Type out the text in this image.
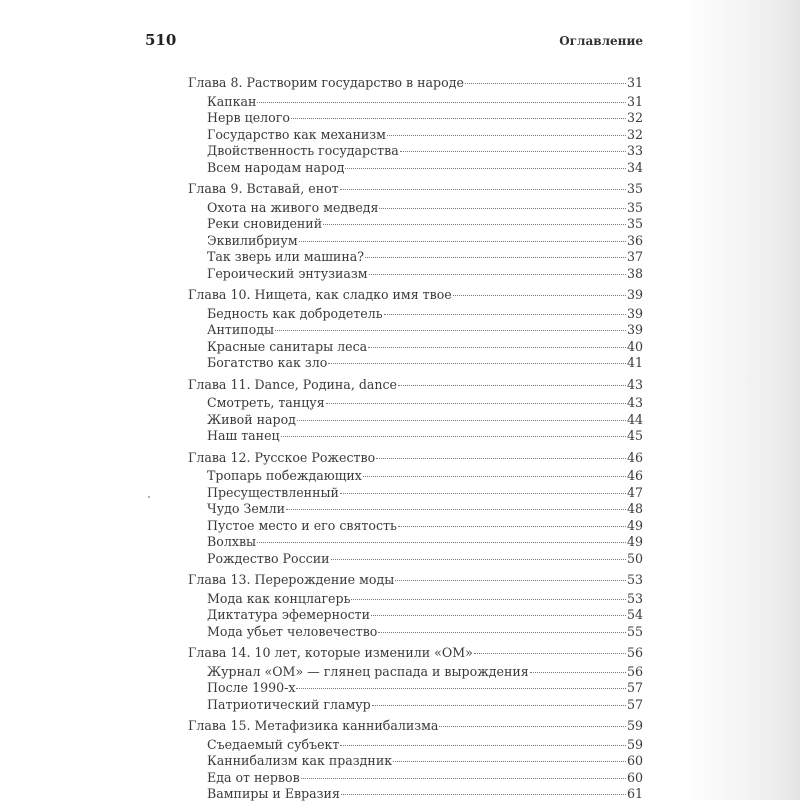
510	Оглавление
Глава 8. Растворим государство в народе	31
Капкан	31
Нерв целого	32
Государство как механизм	32
Двойственность государства	33
Всем народам народ	34
Глава 9. Вставай, енот	35
Охота на живого медведя	35
Реки сновидений	35
Эквилибриум	36
Так зверь или машина?	37
Героический энтузиазм	38
Глава 10. Нищета, как сладко имя твое	39
Бедность как добродетель	39
Антиподы	39
Красные санитары леса	40
Богатство как зло	41
Глава 11. Dance, Родина, dance	43
Смотреть, танцуя	43
Живой народ	44
Наш танец	45
Глава 12. Русское Рожество	46
Тропарь побеждающих	46
Пресуществленный	47
Чудо Земли	48
Пустое место и его святость	49
Волхвы	49
Рождество России	50
Глава 13. Перерождение моды	53
Мода как концлагерь	53
Диктатура эфемерности	54
Мода убьет человечество	55
Глава 14. 10 лет, которые изменили «ОМ»	56
Журнал «ОМ» — глянец распада и вырождения	56
После 1990-х	57
Патриотический гламур	57
Глава 15. Метафизика каннибализма	59
Съедаемый субъект	59
Каннибализм как праздник	60
Еда от нервов	60
Вампиры и Евразия	61
